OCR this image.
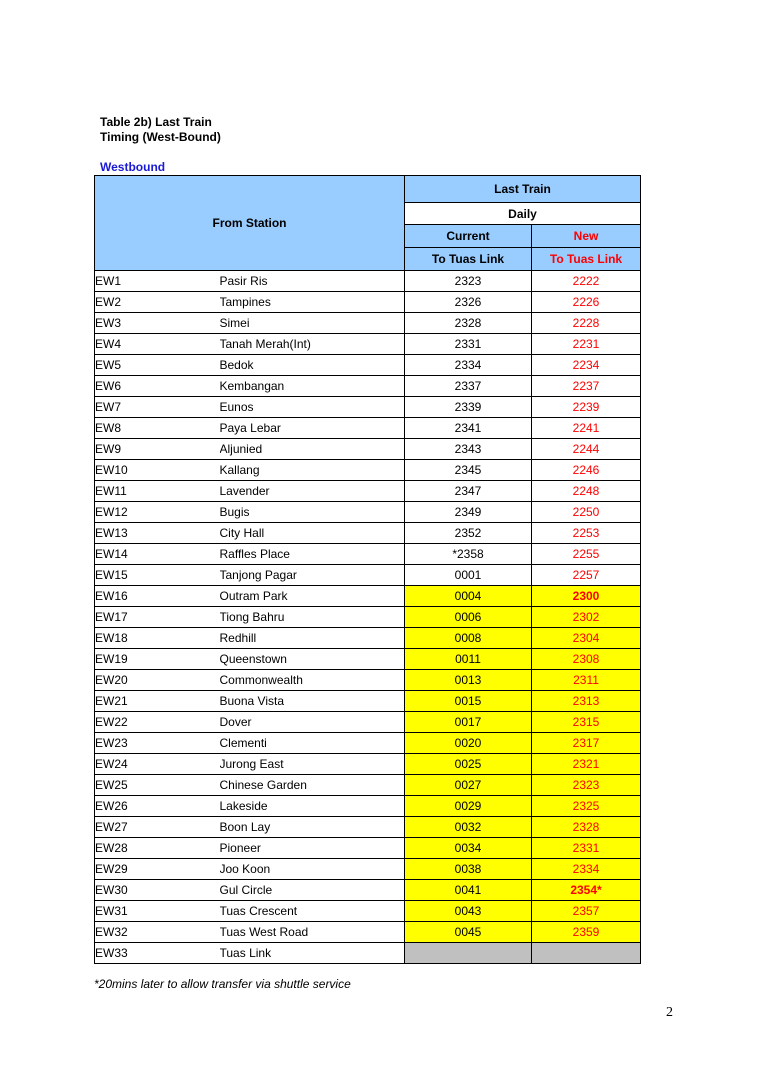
Table 2b) Last Train
Timing (West-Bound)
Westbound
From Station		Last Train	
		Daily	
		Current	New
		To Tuas Link	To Tuas Link
EW1	Pasir Ris	2323	2222
EW2	Tampines	2326	2226
EW3	Simei	2328	2228
EW4	Tanah Merah(Int)	2331	2231
EW5	Bedok	2334	2234
EW6	Kembangan	2337	2237
EW7	Eunos	2339	2239
EW8	Paya Lebar	2341	2241
EW9	Aljunied	2343	2244
EW10	Kallang	2345	2246
EW11	Lavender	2347	2248
EW12	Bugis	2349	2250
EW13	City Hall	2352	2253
EW14	Raffles Place	*2358	2255
EW15	Tanjong Pagar	0001	2257
EW16	Outram Park	0004	2300
EW17	Tiong Bahru	0006	2302
EW18	Redhill	0008	2304
EW19	Queenstown	0011	2308
EW20	Commonwealth	0013	2311
EW21	Buona Vista	0015	2313
EW22	Dover	0017	2315
EW23	Clementi	0020	2317
EW24	Jurong East	0025	2321
EW25	Chinese Garden	0027	2323
EW26	Lakeside	0029	2325
EW27	Boon Lay	0032	2328
EW28	Pioneer	0034	2331
EW29	Joo Koon	0038	2334
EW30	Gul Circle	0041	2354*
EW31	Tuas Crescent	0043	2357
EW32	Tuas West Road	0045	2359
EW33	Tuas Link		
*20mins later to allow transfer via shuttle service
2
